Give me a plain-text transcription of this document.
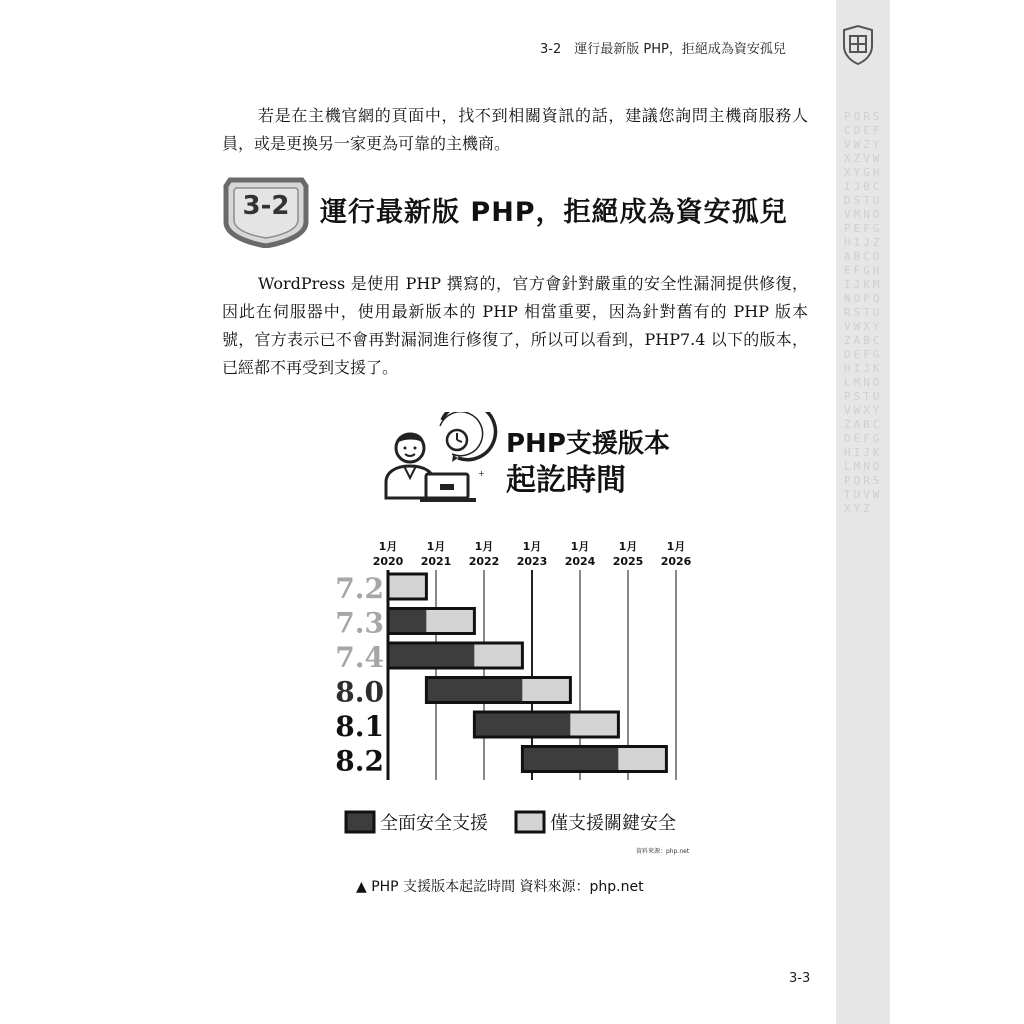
PQRSCDEFVWZYXZVWXYGHIJBCDSTUVMNOPEFGHIJZABCDEFGHIJKMNOPQRSTUVWXYZABCDEFGHIJKLMNOPSTUVWXYZABCDEFGHIJKLMNOPQRSTUVWXYZ
3-2　運行最新版 PHP，拒絕成為資安孤兒

若是在主機官網的頁面中，找不到相關資訊的話，建議您詢問主機商服務人員，或是更換另一家更為可靠的主機商。

3-2	運行最新版 PHP，拒絕成為資安孤兒

WordPress 是使用 PHP 撰寫的，官方會針對嚴重的安全性漏洞提供修復，因此在伺服器中，使用最新版本的 PHP 相當重要，因為針對舊有的 PHP 版本號，官方表示已不會再對漏洞進行修復了，所以可以看到，PHP7.4 以下的版本，已經都不再受到支援了。

+
PHP支援版本
起訖時間
1月
2020
1月
2021
1月
2022
1月
2023
1月
2024
1月
2025
1月
2026
7.2
7.3
7.4
8.0
8.1
8.2
全面安全支援	僅支援關鍵安全
資料來源：php.net
▲ PHP 支援版本起訖時間 資料來源：php.net
3-3
